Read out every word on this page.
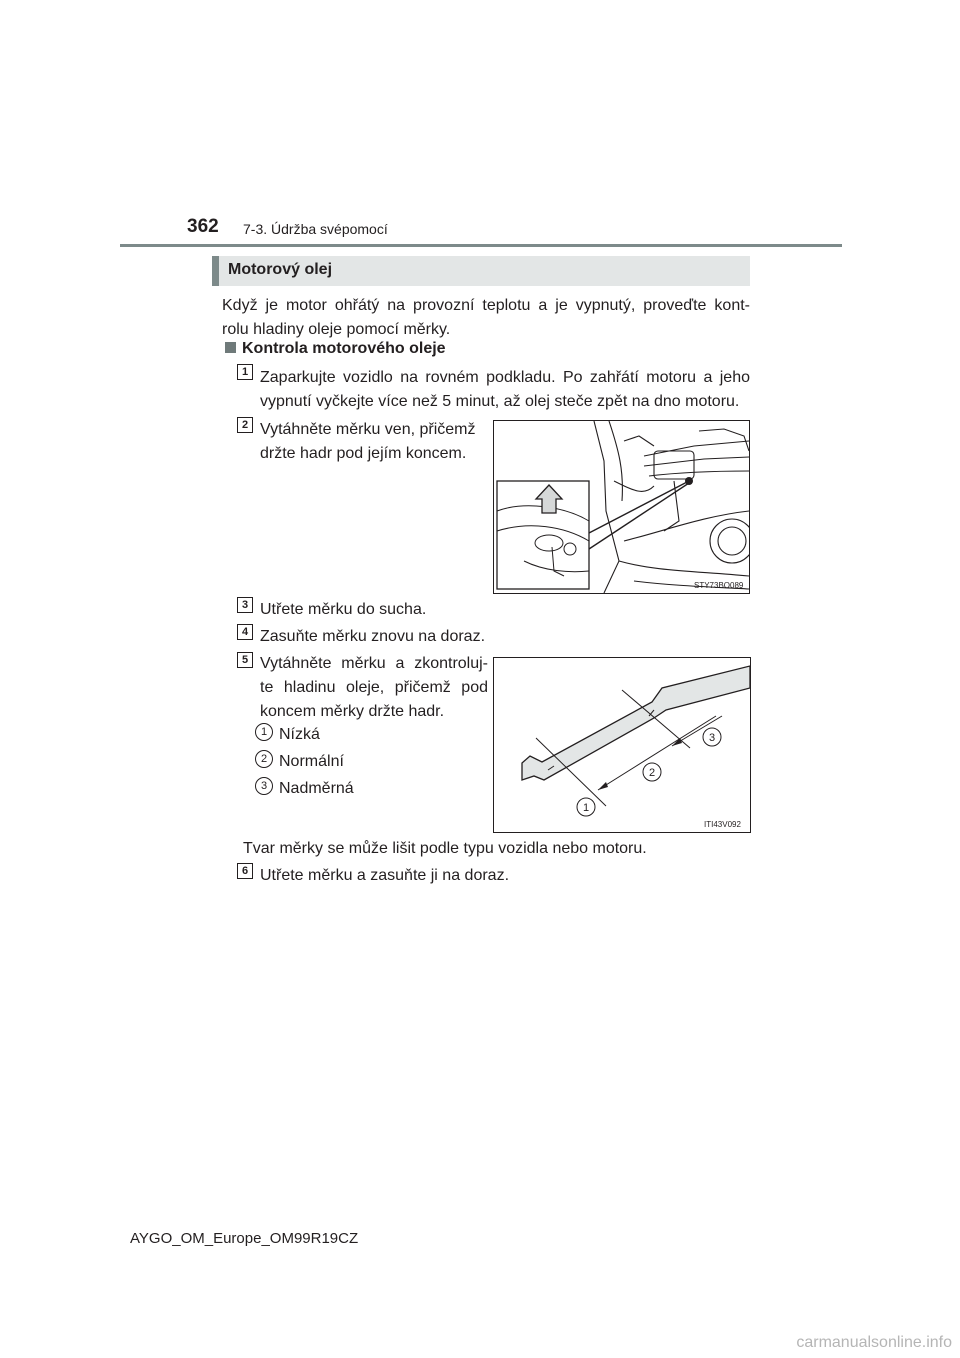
362 7-3. Údržba svépomocí
Motorový olej
Když je motor ohřátý na provozní teplotu a je vypnutý, proveďte kont-
rolu hladiny oleje pomocí měrky.
Kontrola motorového oleje
1 Zaparkujte vozidlo na rovném podkladu. Po zahřátí motoru a jeho
vypnutí vyčkejte více než 5 minut, až olej steče zpět na dno motoru.
2 Vytáhněte měrku ven, přičemž
držte hadr pod jejím koncem.
STY73BO089
3 Utřete měrku do sucha.
4 Zasuňte měrku znovu na doraz.
5 Vytáhněte měrku a zkontroluj-
te hladinu oleje, přičemž pod
koncem měrky držte hadr.
1 Nízká
2 Normální
3 Nadměrná
1
2
3
ITI43V092
Tvar měrky se může lišit podle typu vozidla nebo motoru.
6 Utřete měrku a zasuňte ji na doraz.
AYGO_OM_Europe_OM99R19CZ
carmanualsonline.info
